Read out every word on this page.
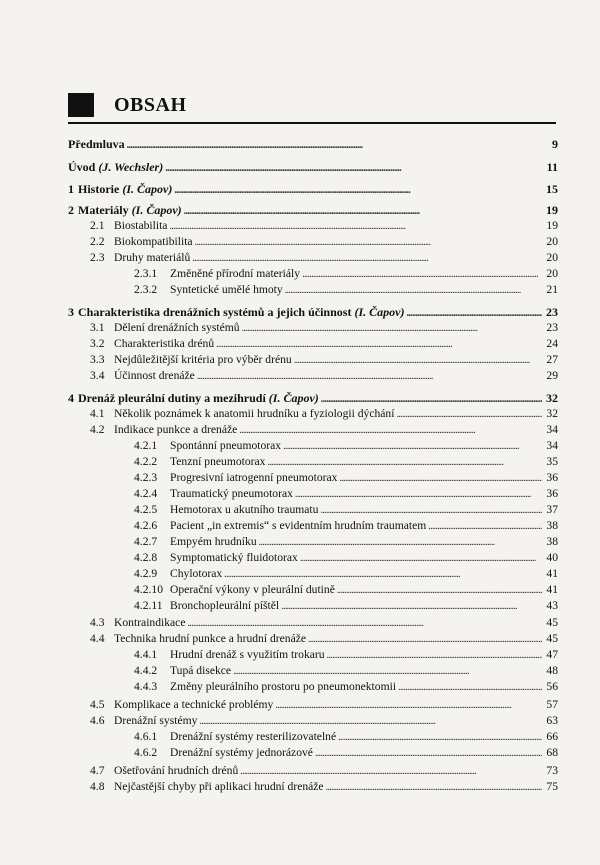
OBSAH
Předmluva . . .	9
Úvod (J. Wechsler) . . .	11
1 Historie (I. Čapov) . . .	15
2 Materiály (I. Čapov) . . .	19
2.1 Biostabilita . . .	19
2.2 Biokompatibilita . . .	20
2.3 Druhy materiálů . . .	20
2.3.1	Změněné přírodní materiály . . .	20
2.3.2	Syntetické umělé hmoty . . .	21
3 Charakteristika drenážních systémů a jejich účinnost (I. Čapov) . . .	23
3.1 Dělení drenážních systémů . . .	23
3.2 Charakteristika drénů . . .	24
3.3 Nejdůležitější kritéria pro výběr drénu . . .	27
3.4 Účinnost drenáže . . .	29
4 Drenáž pleurální dutiny a mezihrudí (I. Čapov) . . .	32
4.1 Několik poznámek k anatomii hrudníku a fyziologii dýchání . . .	32
4.2 Indikace punkce a drenáže . . .	34
4.2.1	Spontánní pneumotorax . . .	34
4.2.2	Tenzní pneumotorax . . .	35
4.2.3	Progresivní iatrogenní pneumotorax . . .	36
4.2.4	Traumatický pneumotorax . . .	36
4.2.5	Hemotorax u akutního traumatu . . .	37
4.2.6	Pacient „in extremis“ s evidentním hrudním traumatem . . .	38
4.2.7	Empyém hrudníku . . .	38
4.2.8	Symptomatický fluidotorax . . .	40
4.2.9	Chylotorax . . .	41
4.2.10 Operační výkony v pleurální dutině . . .	41
4.2.11 Bronchopleurální píštěl . . .	43
4.3 Kontraindikace . . .	45
4.4 Technika hrudní punkce a hrudní drenáže . . .	45
4.4.1	Hrudní drenáž s využitím trokaru . . .	47
4.4.2	Tupá disekce . . .	48
4.4.3	Změny pleurálního prostoru po pneumonektomii . . .	56
4.5 Komplikace a technické problémy . . .	57
4.6 Drenážní systémy . . .	63
4.6.1	Drenážní systémy resterilizovatelné . . .	66
4.6.2	Drenážní systémy jednorázové . . .	68
4.7 Ošetřování hrudních drénů . . .	73
4.8 Nejčastější chyby při aplikaci hrudní drenáže . . .	75
